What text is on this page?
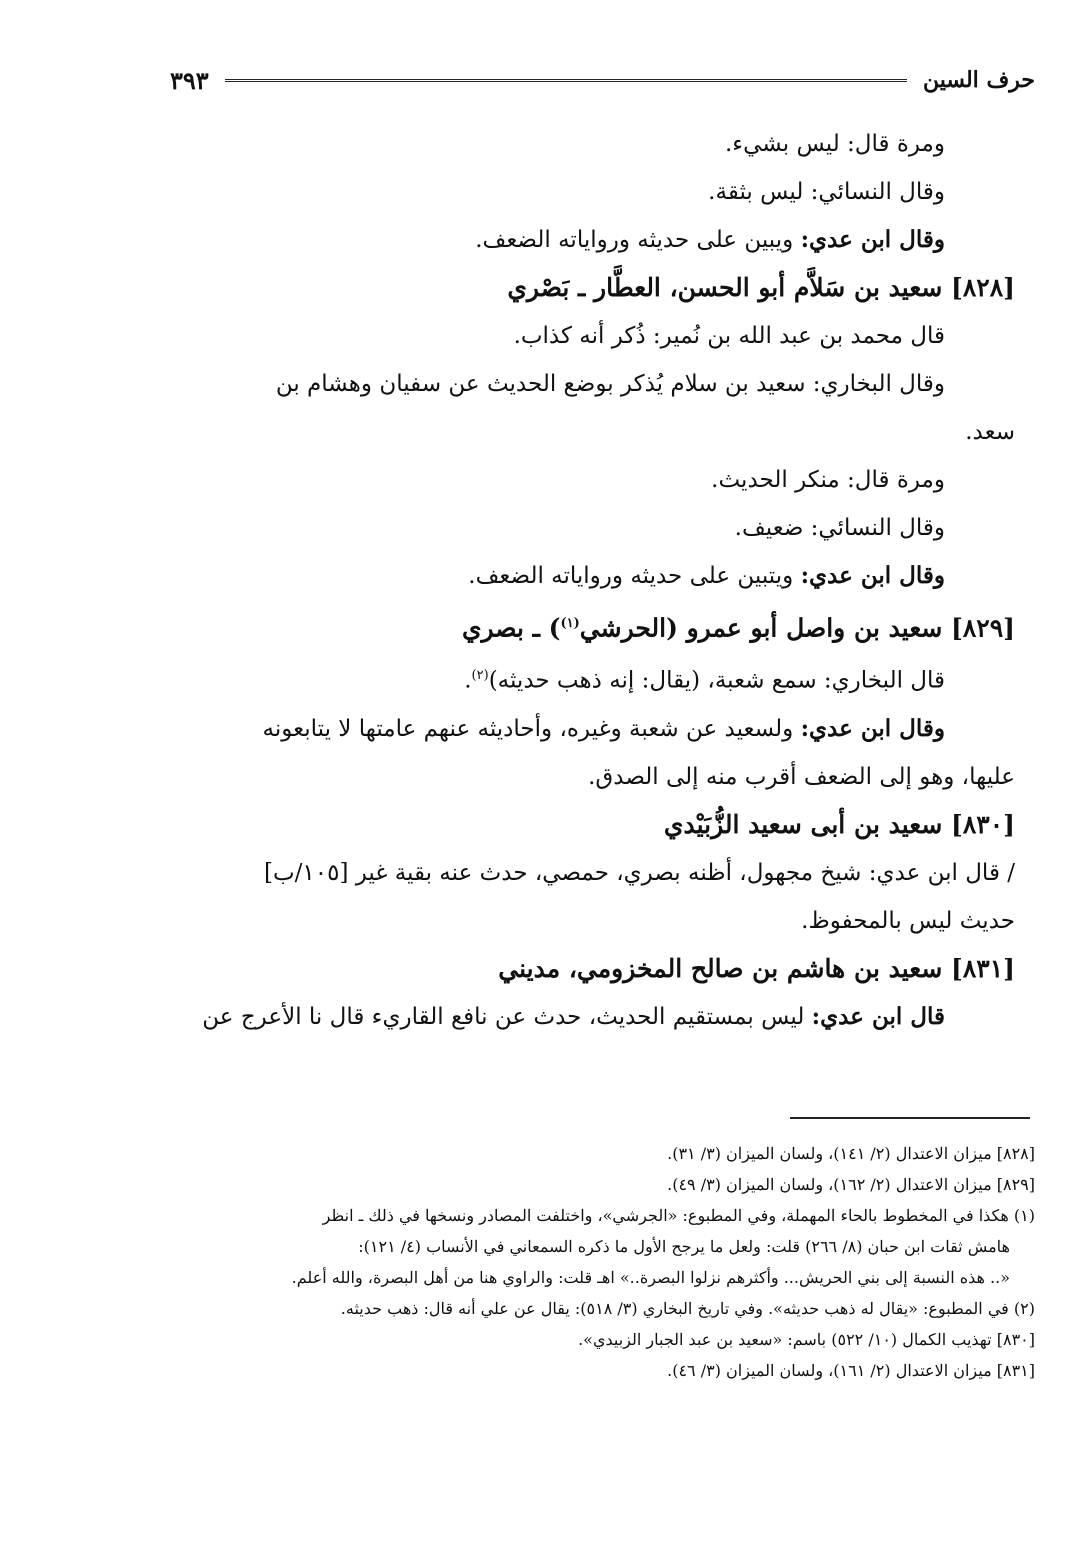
حرف السين
٣٩٣

ومرة قال: ليس بشيء.

وقال النسائي: ليس بثقة.

وقال ابن عدي: ويبين على حديثه ورواياته الضعف.

[٨٢٨] سعيد بن سَلاَّم أبو الحسن، العطَّار ـ بَصْري

قال محمد بن عبد الله بن نُمير: ذُكر أنه كذاب.

وقال البخاري: سعيد بن سلام يُذكر بوضع الحديث عن سفيان وهشام بن

سعد.

ومرة قال: منكر الحديث.

وقال النسائي: ضعيف.

وقال ابن عدي: ويتبين على حديثه ورواياته الضعف.

[٨٢٩] سعيد بن واصل أبو عمرو (الحرشي$^{(١)}$) ـ بصري

قال البخاري: سمع شعبة، (يقال: إنه ذهب حديثه)$^{(٢)}$.

وقال ابن عدي: ولسعيد عن شعبة وغيره، وأحاديثه عنهم عامتها لا يتابعونه

عليها، وهو إلى الضعف أقرب منه إلى الصدق.

[٨٣٠] سعيد بن أبى سعيد الزُّبَيْدي

/ قال ابن عدي: شيخ مجهول، أظنه بصري، حمصي، حدث عنه بقية غير [١٠٥/ب]

حديث ليس بالمحفوظ.

[٨٣١] سعيد بن هاشم بن صالح المخزومي، مديني

قال ابن عدي: ليس بمستقيم الحديث، حدث عن نافع القاريء قال نا الأعرج عن

[٨٢٨] ميزان الاعتدال (٢/ ١٤١)، ولسان الميزان (٣/ ٣١).

[٨٢٩] ميزان الاعتدال (٢/ ١٦٢)، ولسان الميزان (٣/ ٤٩).

(١) هكذا في المخطوط بالحاء المهملة، وفي المطبوع: «الجرشي»، واختلفت المصادر ونسخها في ذلك ـ انظر

هامش ثقات ابن حبان (٨/ ٢٦٦) قلت: ولعل ما يرجح الأول ما ذكره السمعاني في الأنساب (٤/ ١٢١):

«.. هذه النسبة إلى بني الحريش... وأكثرهم نزلوا البصرة..» اهـ قلت: والراوي هنا من أهل البصرة، والله أعلم.

(٢) في المطبوع: «يقال له ذهب حديثه». وفي تاريخ البخاري (٣/ ٥١٨): يقال عن علي أنه قال: ذهب حديثه.

[٨٣٠] تهذيب الكمال (١٠/ ٥٢٢) باسم: «سعيد بن عبد الجبار الزبيدي».

[٨٣١] ميزان الاعتدال (٢/ ١٦١)، ولسان الميزان (٣/ ٤٦).
